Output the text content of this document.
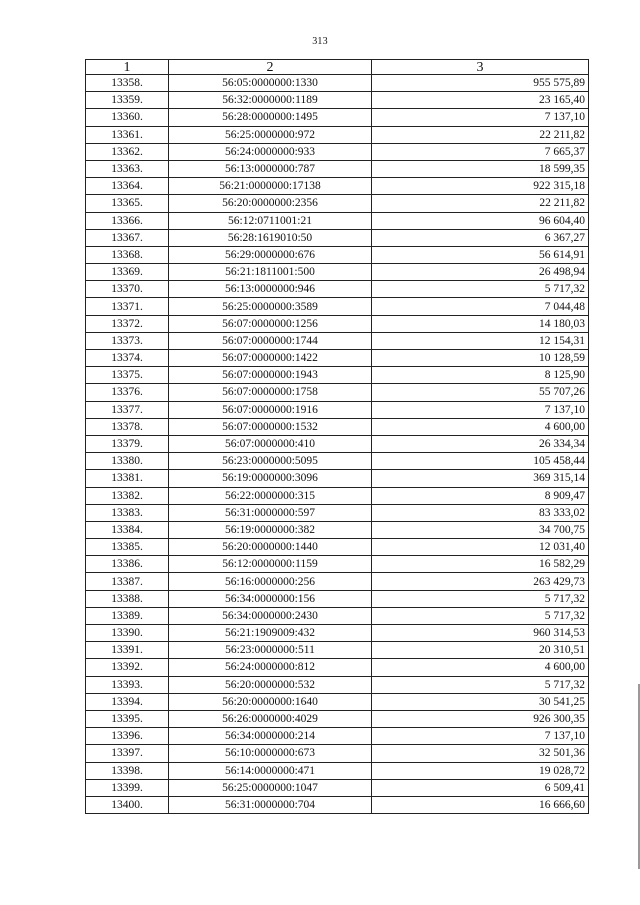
313
1	2	3
13358.	56:05:0000000:1330	955 575,89
13359.	56:32:0000000:1189	23 165,40
13360.	56:28:0000000:1495	7 137,10
13361.	56:25:0000000:972	22 211,82
13362.	56:24:0000000:933	7 665,37
13363.	56:13:0000000:787	18 599,35
13364.	56:21:0000000:17138	922 315,18
13365.	56:20:0000000:2356	22 211,82
13366.	56:12:0711001:21	96 604,40
13367.	56:28:1619010:50	6 367,27
13368.	56:29:0000000:676	56 614,91
13369.	56:21:1811001:500	26 498,94
13370.	56:13:0000000:946	5 717,32
13371.	56:25:0000000:3589	7 044,48
13372.	56:07:0000000:1256	14 180,03
13373.	56:07:0000000:1744	12 154,31
13374.	56:07:0000000:1422	10 128,59
13375.	56:07:0000000:1943	8 125,90
13376.	56:07:0000000:1758	55 707,26
13377.	56:07:0000000:1916	7 137,10
13378.	56:07:0000000:1532	4 600,00
13379.	56:07:0000000:410	26 334,34
13380.	56:23:0000000:5095	105 458,44
13381.	56:19:0000000:3096	369 315,14
13382.	56:22:0000000:315	8 909,47
13383.	56:31:0000000:597	83 333,02
13384.	56:19:0000000:382	34 700,75
13385.	56:20:0000000:1440	12 031,40
13386.	56:12:0000000:1159	16 582,29
13387.	56:16:0000000:256	263 429,73
13388.	56:34:0000000:156	5 717,32
13389.	56:34:0000000:2430	5 717,32
13390.	56:21:1909009:432	960 314,53
13391.	56:23:0000000:511	20 310,51
13392.	56:24:0000000:812	4 600,00
13393.	56:20:0000000:532	5 717,32
13394.	56:20:0000000:1640	30 541,25
13395.	56:26:0000000:4029	926 300,35
13396.	56:34:0000000:214	7 137,10
13397.	56:10:0000000:673	32 501,36
13398.	56:14:0000000:471	19 028,72
13399.	56:25:0000000:1047	6 509,41
13400.	56:31:0000000:704	16 666,60
